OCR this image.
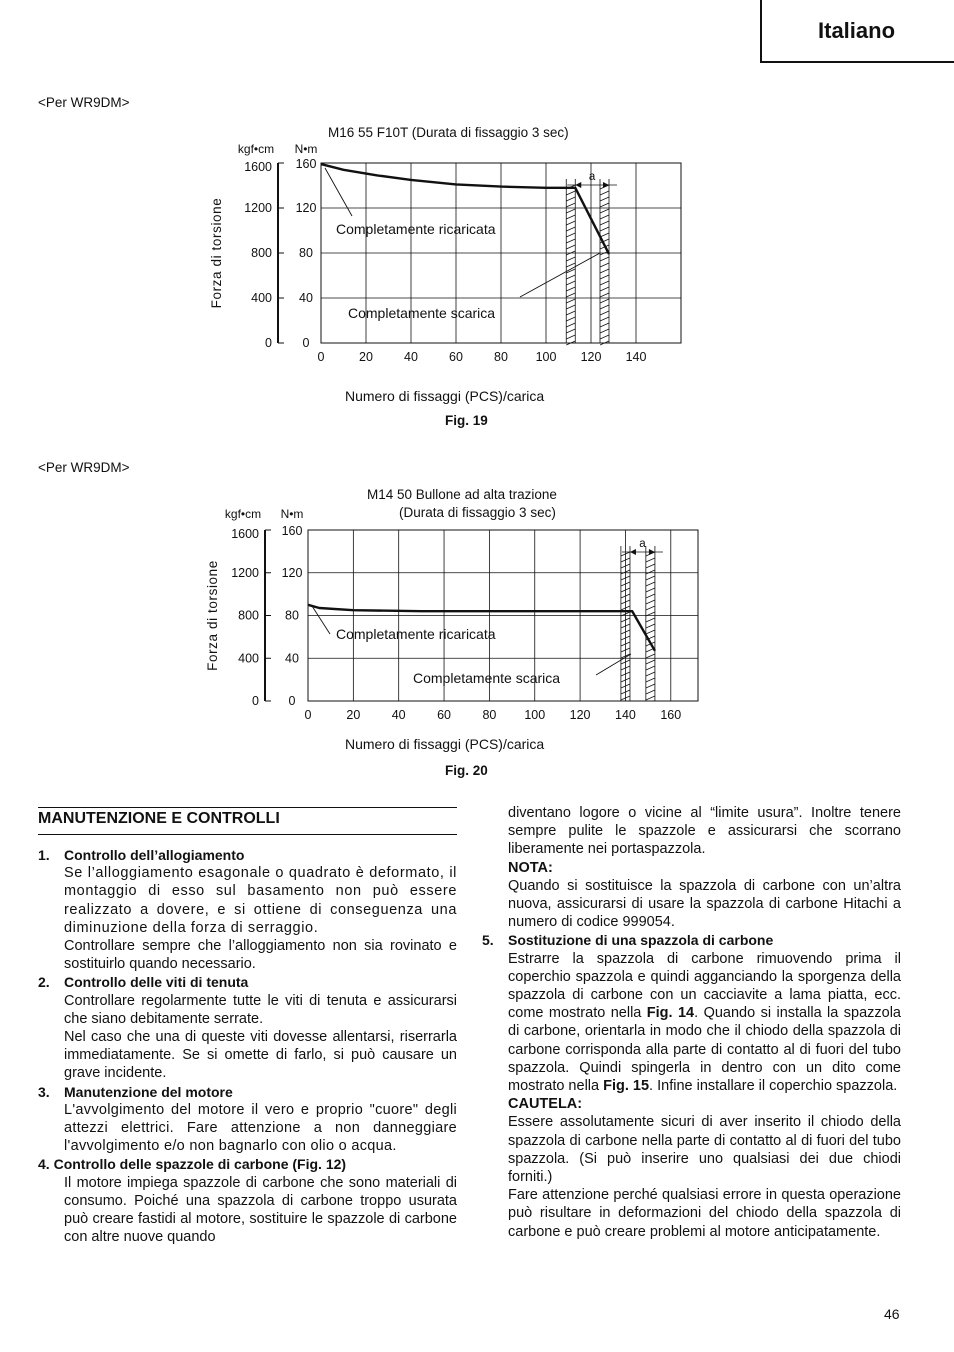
Italiano
<Per WR9DM>
M16 55 F10T (Durata di fissaggio 3 sec)
kgf•cm N•m
0
0
40
400
80
800
120
1200
160
1600
0	20 40 60 80 100 120 140
a
Completamente ricaricata
Completamente scarica
Forza di torsione
Numero di fissaggi (PCS)/carica
Fig. 19
<Per WR9DM>
M14 50 Bullone ad alta trazione
(Durata di fissaggio 3 sec)
kgf•cm N•m
0
0
40
400
80
800
120
1200
160
1600
0	20	40	60	80 100 120 140 160
a
Completamente ricaricata
Completamente scarica
Forza di torsione
Numero di fissaggi (PCS)/carica
Fig. 20
MANUTENZIONE E CONTROLLI
1. Controllo dell’allogiamento

Se l’alloggiamento esagonale o quadrato è deformato, il montaggio di esso sul basamento non può essere realizzato a dovere, e si ottiene di conseguenza una diminuzione della forza di serraggio.

Controllare sempre che l’alloggiamento non sia rovinato e sostituirlo quando necessario.

2. Controllo delle viti di tenuta

Controllare regolarmente tutte le viti di tenuta e assicurarsi che siano debitamente serrate.

Nel caso che una di queste viti dovesse allentarsi, riserrarla immediatamente. Se si omette di farlo, si può causare un grave incidente.

3. Manutenzione del motore

L'avvolgimento del motore il vero e proprio "cuore" degli attezzi elettrici. Fare attenzione a non danneggiare l'avvolgimento e/o non bagnarlo con olio o acqua.

4. Controllo delle spazzole di carbone (Fig. 12)

Il motore impiega spazzole di carbone che sono materiali di consumo. Poiché una spazzola di carbone troppo usurata può creare fastidi al motore, sostituire le spazzole di carbone con altre nuove quando

diventano logore o vicine al “limite usura”. Inoltre tenere sempre pulite le spazzole e assicurarsi che scorrano liberamente nei portaspazzola.

NOTA:

Quando si sostituisce la spazzola di carbone con un’altra nuova, assicurarsi di usare la spazzola di carbone Hitachi a numero di codice 999054.

5. Sostituzione di una spazzola di carbone
Estrarre la spazzola di carbone rimuovendo prima il coperchio spazzola e quindi agganciando la sporgenza della spazzola di carbone con un cacciavite a lama piatta, ecc. come mostrato nella Fig. 14. Quando si installa la spazzola di carbone, orientarla in modo che il chiodo della spazzola di carbone corrisponda alla parte di contatto al di fuori del tubo spazzola. Quindi spingerla in dentro con un dito come mostrato nella Fig. 15. Infine installare il coperchio spazzola.
CAUTELA:

Essere assolutamente sicuri di aver inserito il chiodo della spazzola di carbone nella parte di contatto al di fuori del tubo spazzola. (Si può inserire uno qualsiasi dei due chiodi forniti.)

Fare attenzione perché qualsiasi errore in questa operazione può risultare in deformazioni del chiodo della spazzola di carbone e può creare problemi al motore anticipatamente.

46
